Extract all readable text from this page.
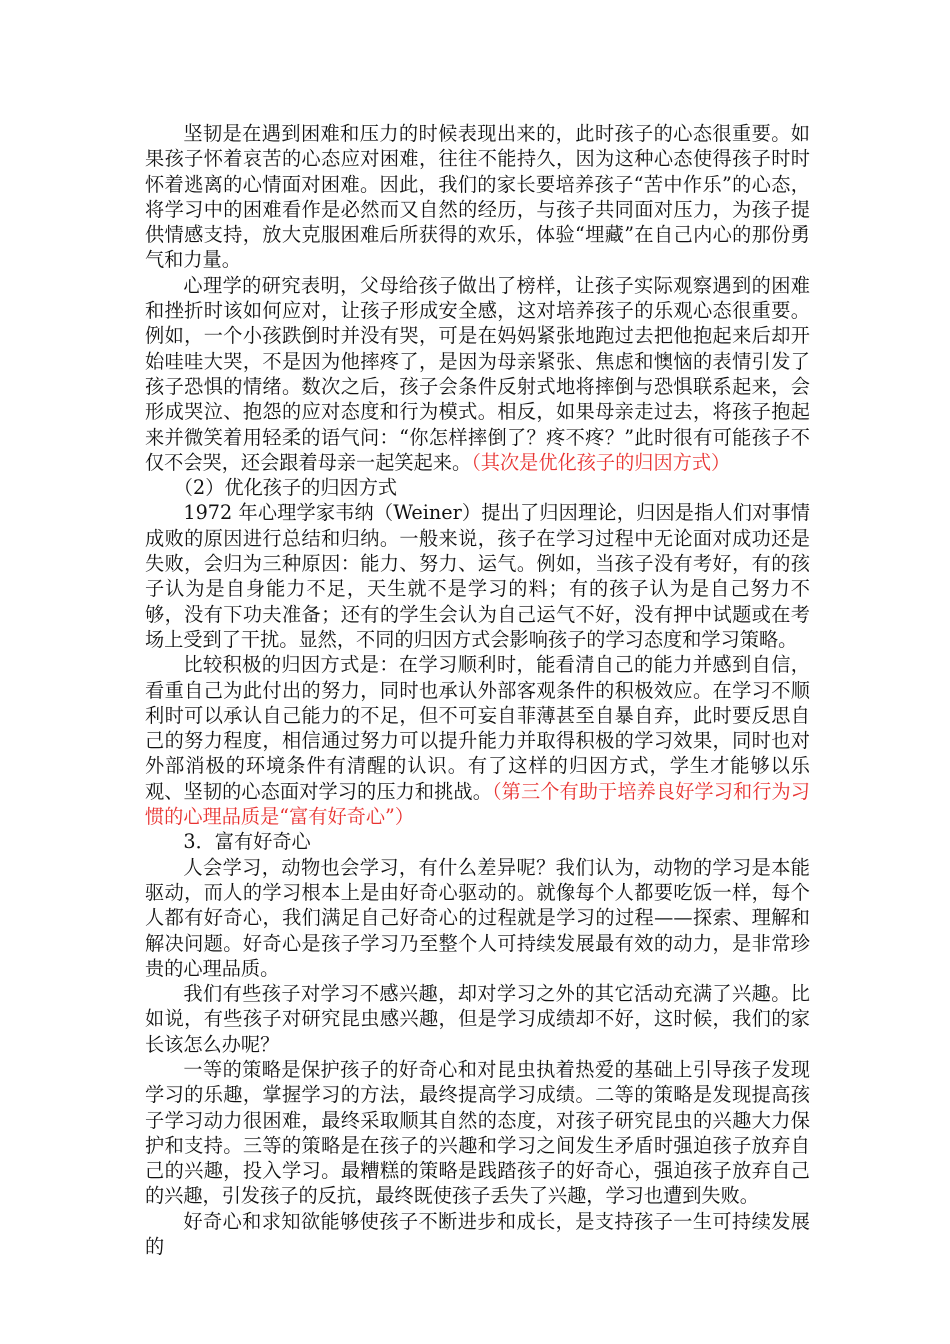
坚韧是在遇到困难和压力的时候表现出来的，此时孩子的心态很重要。如果孩子怀着哀苦的心态应对困难，往往不能持久，因为这种心态使得孩子时时怀着逃离的心情面对困难。因此，我们的家长要培养孩子“苦中作乐”的心态，将学习中的困难看作是必然而又自然的经历，与孩子共同面对压力，为孩子提供情感支持，放大克服困难后所获得的欢乐，体验“埋藏”在自己内心的那份勇气和力量。

心理学的研究表明，父母给孩子做出了榜样，让孩子实际观察遇到的困难和挫折时该如何应对，让孩子形成安全感，这对培养孩子的乐观心态很重要。例如，一个小孩跌倒时并没有哭，可是在妈妈紧张地跑过去把他抱起来后却开始哇哇大哭，不是因为他摔疼了，是因为母亲紧张、焦虑和懊恼的表情引发了孩子恐惧的情绪。数次之后，孩子会条件反射式地将摔倒与恐惧联系起来，会形成哭泣、抱怨的应对态度和行为模式。相反，如果母亲走过去，将孩子抱起来并微笑着用轻柔的语气问：“你怎样摔倒了？疼不疼？”此时很有可能孩子不仅不会哭，还会跟着母亲一起笑起来。（其次是优化孩子的归因方式）

（2）优化孩子的归因方式

1972 年心理学家韦纳（Weiner）提出了归因理论，归因是指人们对事情成败的原因进行总结和归纳。一般来说，孩子在学习过程中无论面对成功还是失败，会归为三种原因：能力、努力、运气。例如，当孩子没有考好，有的孩子认为是自身能力不足，天生就不是学习的料；有的孩子认为是自己努力不够，没有下功夫准备；还有的学生会认为自己运气不好，没有押中试题或在考场上受到了干扰。显然，不同的归因方式会影响孩子的学习态度和学习策略。

比较积极的归因方式是：在学习顺利时，能看清自己的能力并感到自信，看重自己为此付出的努力，同时也承认外部客观条件的积极效应。在学习不顺利时可以承认自己能力的不足，但不可妄自菲薄甚至自暴自弃，此时要反思自己的努力程度，相信通过努力可以提升能力并取得积极的学习效果，同时也对外部消极的环境条件有清醒的认识。有了这样的归因方式，学生才能够以乐观、坚韧的心态面对学习的压力和挑战。（第三个有助于培养良好学习和行为习惯的心理品质是“富有好奇心”）

3．富有好奇心

人会学习，动物也会学习，有什么差异呢？我们认为，动物的学习是本能驱动，而人的学习根本上是由好奇心驱动的。就像每个人都要吃饭一样，每个人都有好奇心，我们满足自己好奇心的过程就是学习的过程——探索、理解和解决问题。好奇心是孩子学习乃至整个人可持续发展最有效的动力，是非常珍贵的心理品质。

我们有些孩子对学习不感兴趣，却对学习之外的其它活动充满了兴趣。比如说，有些孩子对研究昆虫感兴趣，但是学习成绩却不好，这时候，我们的家长该怎么办呢？

一等的策略是保护孩子的好奇心和对昆虫执着热爱的基础上引导孩子发现学习的乐趣，掌握学习的方法，最终提高学习成绩。二等的策略是发现提高孩子学习动力很困难，最终采取顺其自然的态度，对孩子研究昆虫的兴趣大力保护和支持。三等的策略是在孩子的兴趣和学习之间发生矛盾时强迫孩子放弃自己的兴趣，投入学习。最糟糕的策略是践踏孩子的好奇心，强迫孩子放弃自己的兴趣，引发孩子的反抗，最终既使孩子丢失了兴趣，学习也遭到失败。

好奇心和求知欲能够使孩子不断进步和成长，是支持孩子一生可持续发展的
